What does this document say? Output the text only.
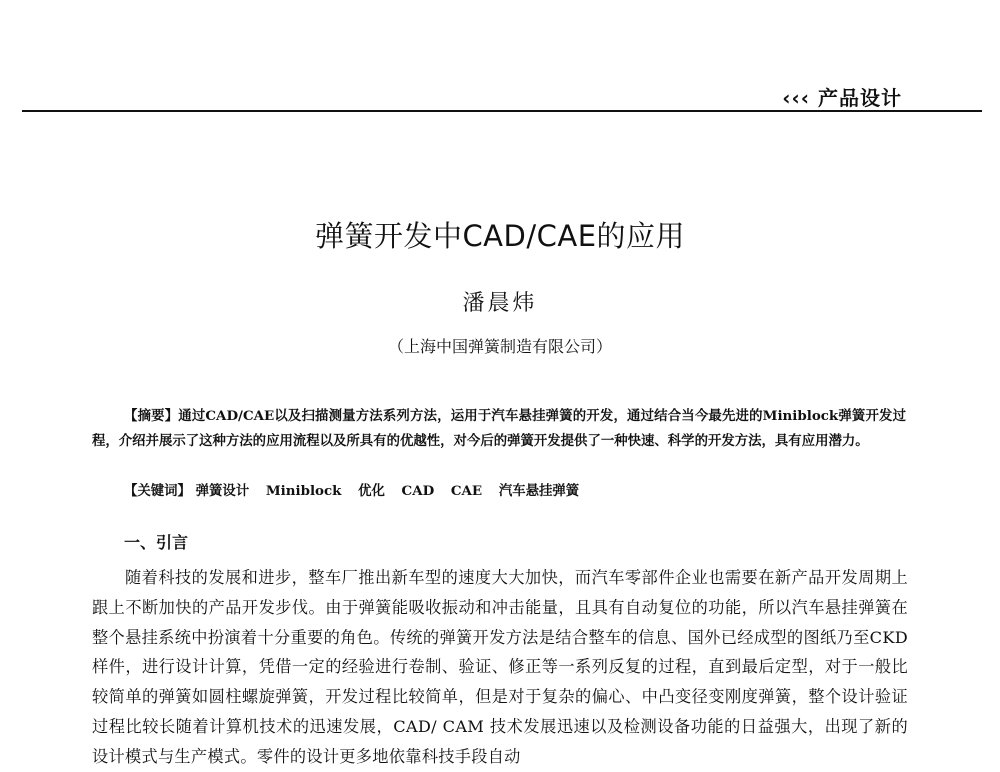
‹‹‹ 产品设计
弹簧开发中CAD/CAE的应用
潘晨炜
（上海中国弹簧制造有限公司）
【摘要】通过CAD/CAE以及扫描测量方法系列方法，运用于汽车悬挂弹簧的开发，通过结合当今最先进的Miniblock弹簧开发过程，介绍并展示了这种方法的应用流程以及所具有的优越性，对今后的弹簧开发提供了一种快速、科学的开发方法，具有应用潜力。
【关键词】 弹簧设计 Miniblock 优化 CAD CAE 汽车悬挂弹簧
一、引言
随着科技的发展和进步，整车厂推出新车型的速度大大加快，而汽车零部件企业也需要在新产品开发周期上跟上不断加快的产品开发步伐。由于弹簧能吸收振动和冲击能量，且具有自动复位的功能，所以汽车悬挂弹簧在整个悬挂系统中扮演着十分重要的角色。传统的弹簧开发方法是结合整车的信息、国外已经成型的图纸乃至CKD样件，进行设计计算，凭借一定的经验进行卷制、验证、修正等一系列反复的过程，直到最后定型，对于一般比较简单的弹簧如圆柱螺旋弹簧，开发过程比较简单，但是对于复杂的偏心、中凸变径变刚度弹簧，整个设计验证过程比较长随着计算机技术的迅速发展，CAD/ CAM 技术发展迅速以及检测设备功能的日益强大，出现了新的设计模式与生产模式。零件的设计更多地依靠科技手段自动
